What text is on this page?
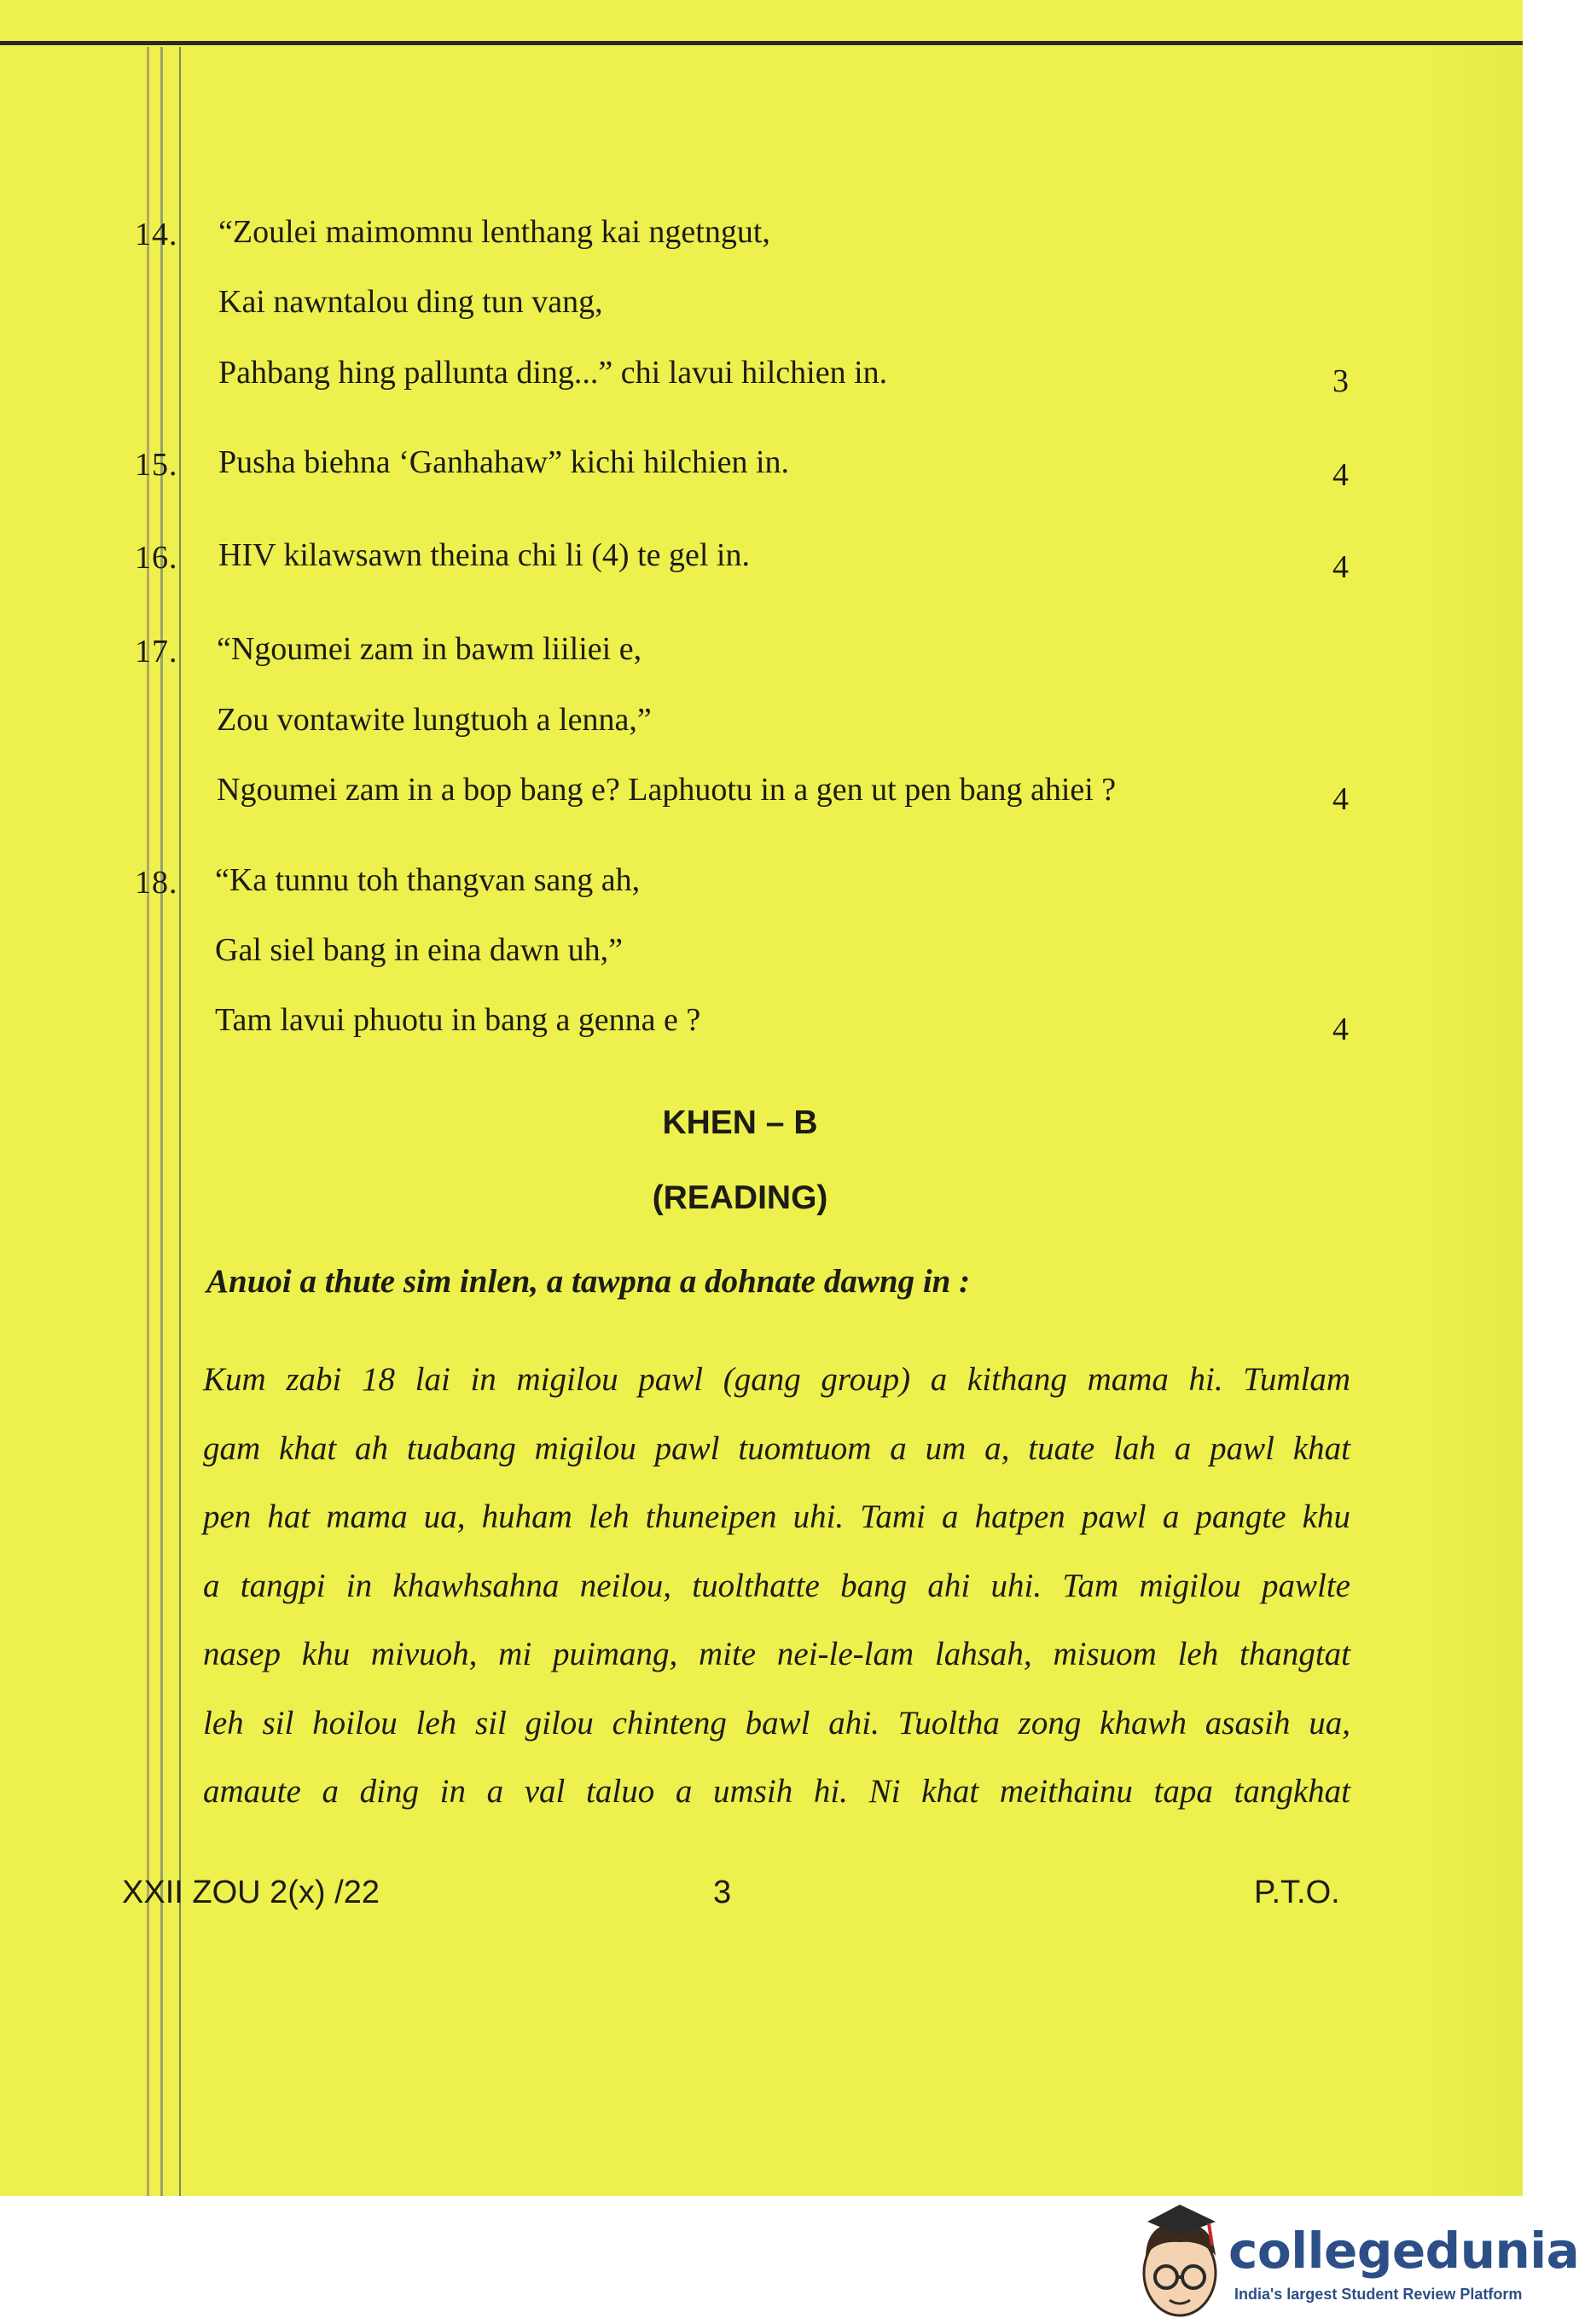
14. “Zoulei maimomnu lenthang kai ngetngut,
Kai nawntalou ding tun vang,
Pahbang hing pallunta ding...” chi lavui hilchien in.	3
15. Pusha biehna ‘Ganhahaw” kichi hilchien in.	4
16. HIV kilawsawn theina chi li (4) te gel in.	4
17. “Ngoumei zam in bawm liiliei e,
Zou vontawite lungtuoh a lenna,”
Ngoumei zam in a bop bang e? Laphuotu in a gen ut pen bang ahiei ?	4
18. “Ka tunnu toh thangvan sang ah,
Gal siel bang in eina dawn uh,”
Tam lavui phuotu in bang a genna e ?	4
KHEN – B
(READING)
Anuoi a thute sim inlen, a tawpna a dohnate dawng in :
Kum zabi 18 lai in migilou pawl (gang group) a kithang mama hi. Tumlam
gam khat ah tuabang migilou pawl tuomtuom a um a, tuate lah a pawl khat
pen hat mama ua, huham leh thuneipen uhi. Tami a hatpen pawl a pangte khu
a tangpi in khawhsahna neilou, tuolthatte bang ahi uhi. Tam migilou pawlte
nasep khu mivuoh, mi puimang, mite nei-le-lam lahsah, misuom leh thangtat
leh sil hoilou leh sil gilou chinteng bawl ahi. Tuoltha zong khawh asasih ua,
amaute a ding in a val taluo a umsih hi. Ni khat meithainu tapa tangkhat
XXII ZOU 2(x) /22	3	P.T.O.
collegedunia
India's largest Student Review Platform
